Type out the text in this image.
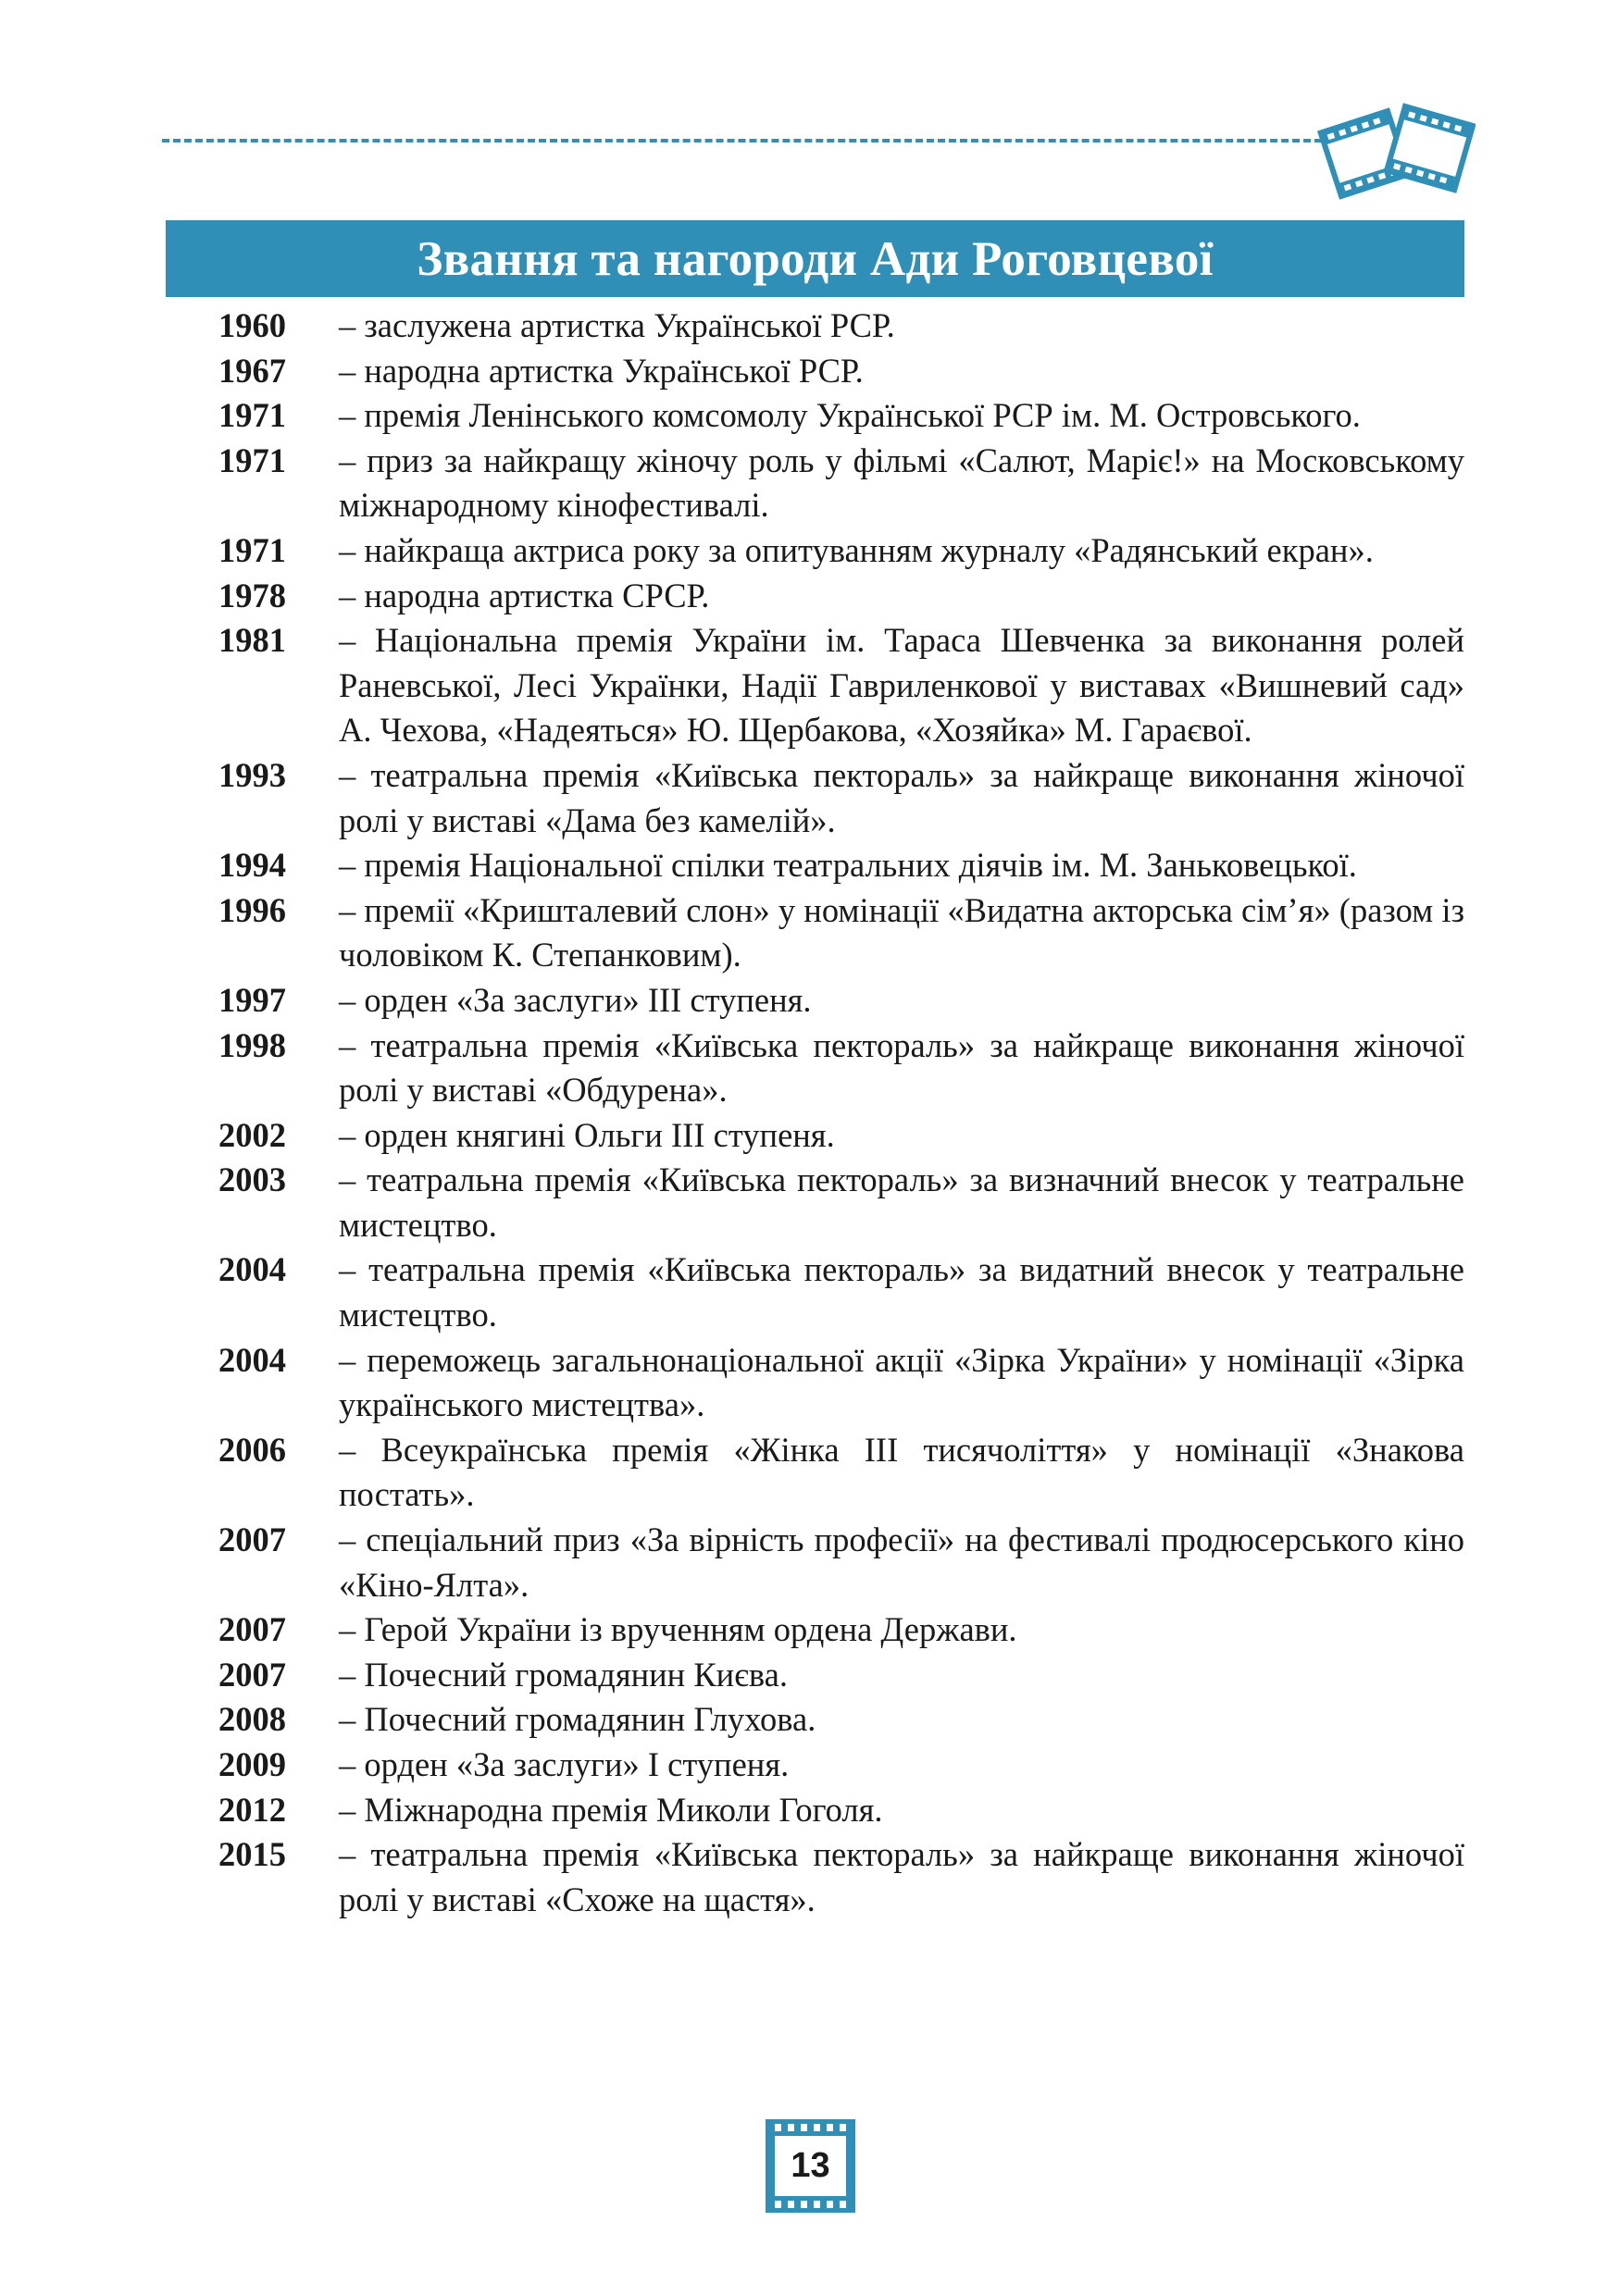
Звання та нагороди Ади Роговцевої
1960	– заслужена артистка Української РСР.
1967	– народна артистка Української РСР.
1971	– премія Ленінського комсомолу Української РСР ім. М. Островського.
1971	– приз за найкращу жіночу роль у фільмі «Салют, Марiє!» на Московському міжнародному кінофестивалі.
1971	– найкраща актриса року за опитуванням журналу «Радянський екран».
1978	– народна артистка СРСР.
1981	– Національна премія України ім. Тараса Шевченка за виконання ролей Раневської, Лесі Українки, Надії Гавриленкової у виставах «Вишневий сад» А. Чехова, «Надеяться» Ю. Щербакова, «Хозяйка» М. Гараєвої.
1993	– театральна премія «Київська пектораль» за найкраще виконання жіночої ролі у виставі «Дама без камелій».
1994	– премія Національної спілки театральних діячів ім. М. Заньковецької.
1996	– премії «Кришталевий слон» у номінації «Видатна акторська сім’я» (разом із чоловіком К. Степанковим).
1997	– орден «За заслуги» III ступеня.
1998	– театральна премія «Київська пектораль» за найкраще виконання жіночої ролі у виставі «Обдурена».
2002	– орден княгині Ольги III ступеня.
2003	– театральна премія «Київська пектораль» за визначний внесок у театральне мистецтво.
2004	– театральна премія «Київська пектораль» за видатний внесок у театральне мистецтво.
2004	– переможець загальнонаціональної акції «Зірка України» у номінації «Зірка українського мистецтва».
2006	– Всеукраїнська премія «Жінка III тисячоліття» у номінації «Знакова постать».
2007	– спеціальний приз «За вірність професії» на фестивалі продюсерського кіно «Кіно-Ялта».
2007	– Герой України із врученням ордена Держави.
2007	– Почесний громадянин Києва.
2008	– Почесний громадянин Глухова.
2009	– орден «За заслуги» I ступеня.
2012	– Міжнародна премія Миколи Гоголя.
2015	– театральна премія «Київська пектораль» за найкраще виконання жіночої ролі у виставі «Схоже на щастя».
13
